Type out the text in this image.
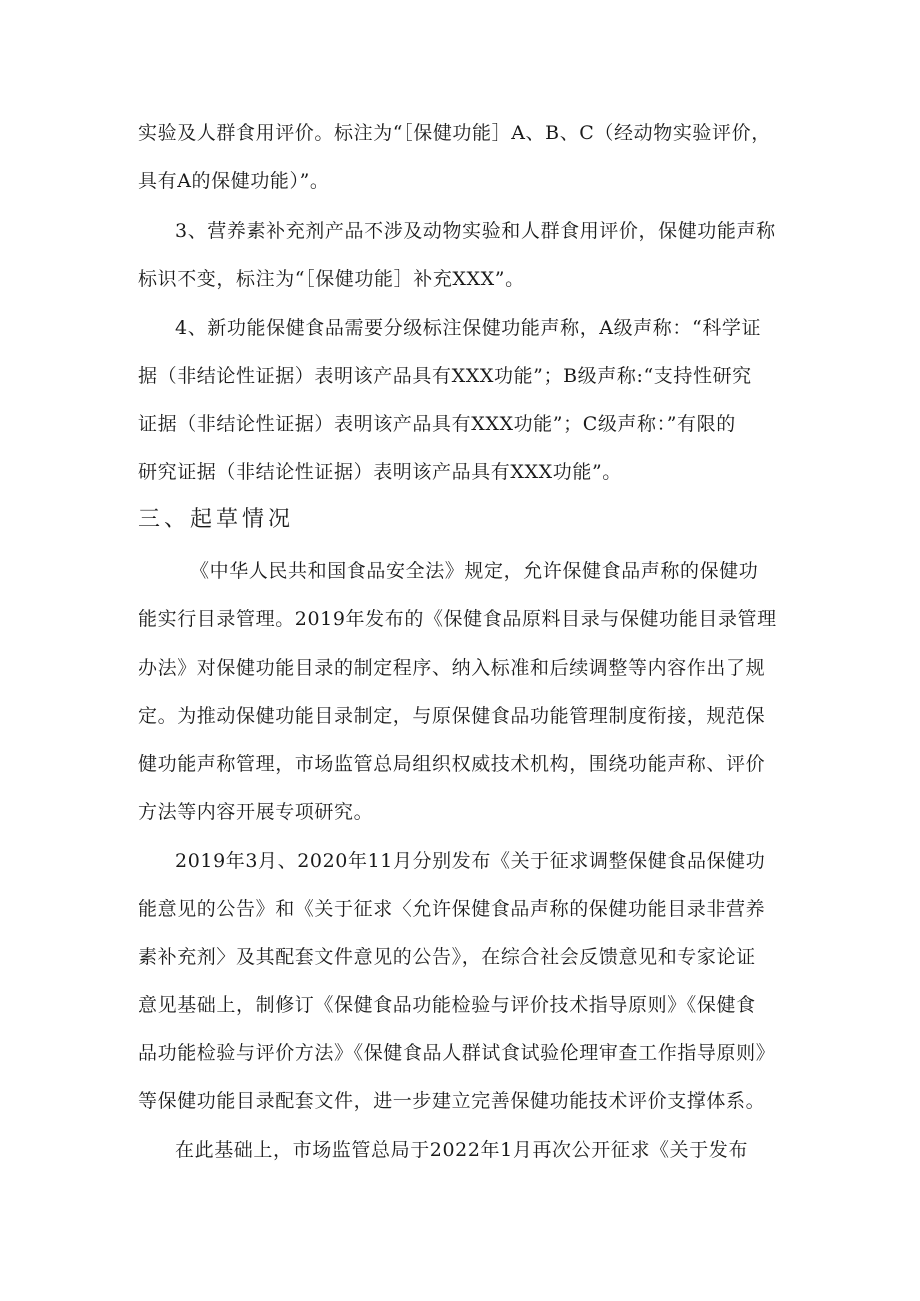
实验及人群食用评价。标注为“［保健功能］A、B、C（经动物实验评价，
具有A的保健功能）”。
3、营养素补充剂产品不涉及动物实验和人群食用评价，保健功能声称
标识不变，标注为“［保健功能］补充XXX”。
4、新功能保健食品需要分级标注保健功能声称，A级声称：“科学证
据（非结论性证据）表明该产品具有XXX功能”；B级声称:“支持性研究
证据（非结论性证据）表明该产品具有XXX功能”；C级声称：”有限的
研究证据（非结论性证据）表明该产品具有XXX功能”。
三、起草情况
《中华人民共和国食品安全法》规定，允许保健食品声称的保健功
能实行目录管理。2019年发布的《保健食品原料目录与保健功能目录管理
办法》对保健功能目录的制定程序、纳入标准和后续调整等内容作出了规
定。为推动保健功能目录制定，与原保健食品功能管理制度衔接，规范保
健功能声称管理，市场监管总局组织权威技术机构，围绕功能声称、评价
方法等内容开展专项研究。
2019年3月、2020年11月分别发布《关于征求调整保健食品保健功
能意见的公告》和《关于征求〈允许保健食品声称的保健功能目录非营养
素补充剂〉及其配套文件意见的公告》，在综合社会反馈意见和专家论证
意见基础上，制修订《保健食品功能检验与评价技术指导原则》《保健食
品功能检验与评价方法》《保健食品人群试食试验伦理审查工作指导原则》
等保健功能目录配套文件，进一步建立完善保健功能技术评价支撑体系。
在此基础上，市场监管总局于2022年1月再次公开征求《关于发布
